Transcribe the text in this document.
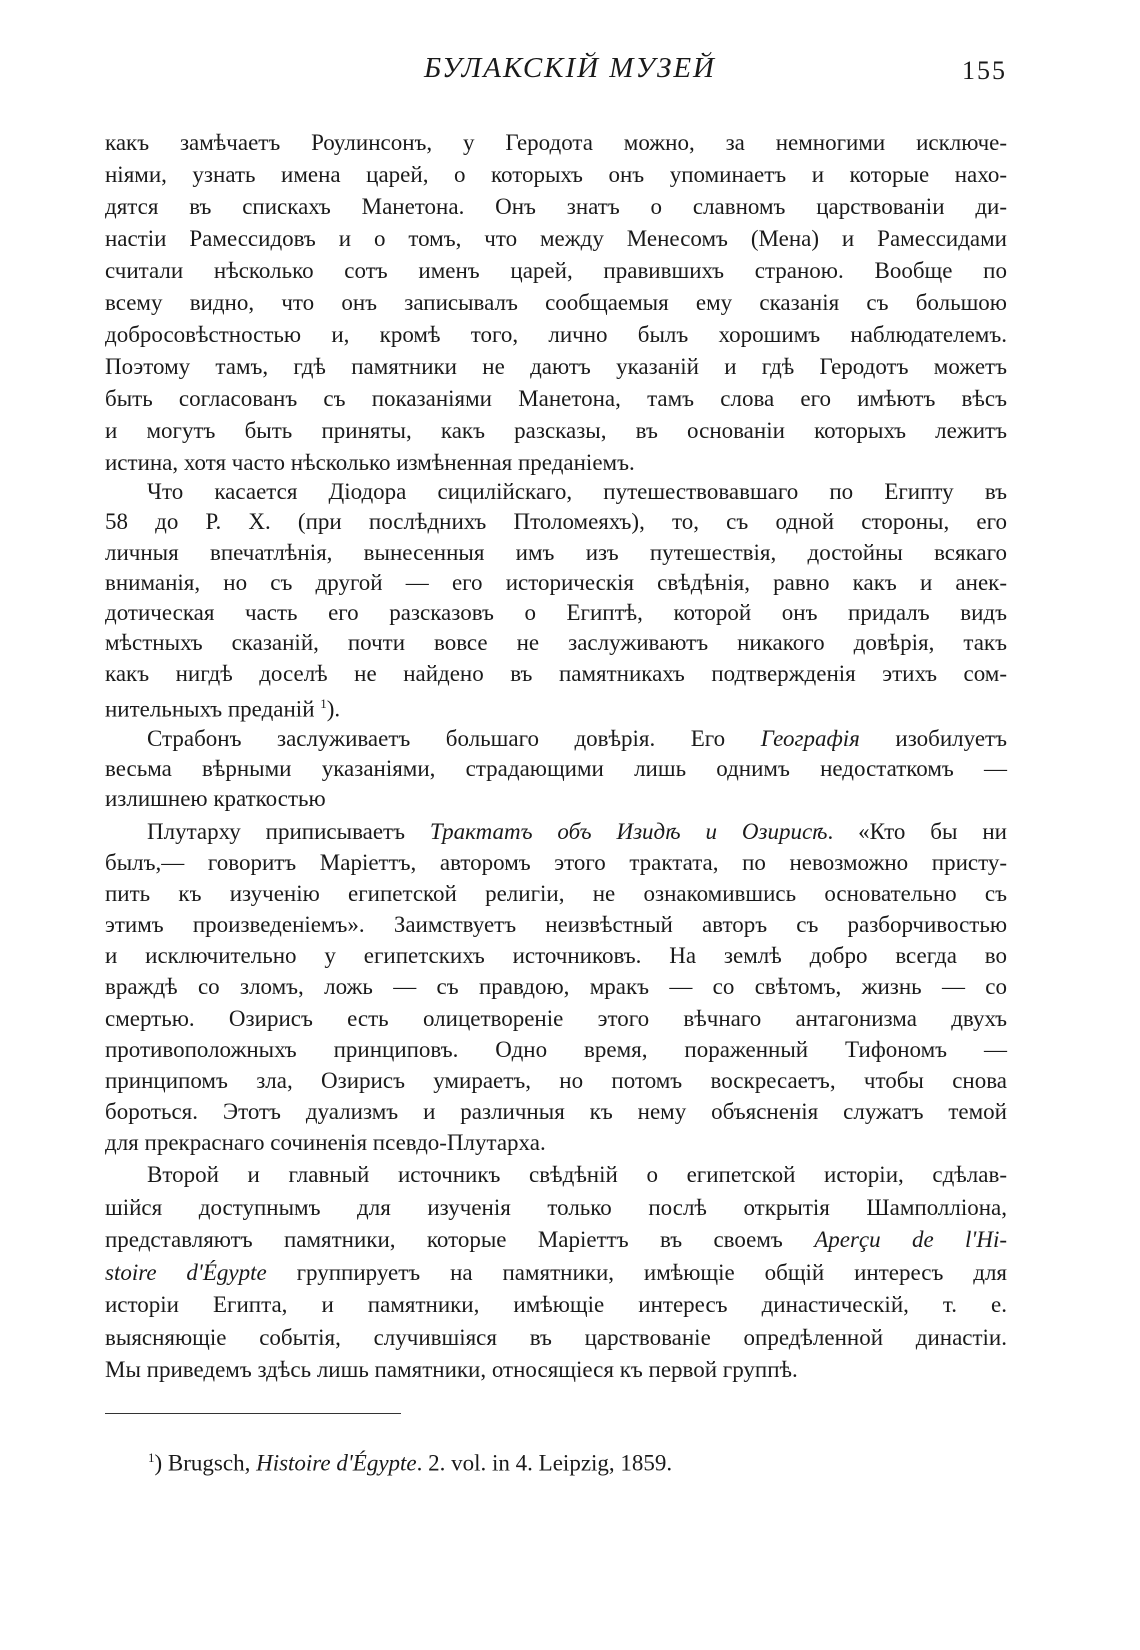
БУЛАКСКІЙ МУЗЕЙ	155
какъ замѣчаетъ Роулинсонъ, у Геродота можно, за немногими исключе-
ніями, узнать имена царей, о которыхъ онъ упоминаетъ и которые нахо-
дятся въ спискахъ Манетона. Онъ знатъ о славномъ царствованіи ди-
настіи Рамессидовъ и о томъ, что между Менесомъ (Мена) и Рамессидами
считали нѣсколько сотъ именъ царей, правившихъ страною. Вообще по
всему видно, что онъ записывалъ сообщаемыя ему сказанія съ большою
добросовѣстностью и, кромѣ того, лично былъ хорошимъ наблюдателемъ.
Поэтому тамъ, гдѣ памятники не даютъ указаній и гдѣ Геродотъ можетъ
быть согласованъ съ показаніями Манетона, тамъ слова его имѣютъ вѣсъ
и могутъ быть приняты, какъ разсказы, въ основаніи которыхъ лежитъ
истина, хотя часто нѣсколько измѣненная преданіемъ.
Что касается Діодора сицилійскаго, путешествовавшаго по Египту въ
58 до Р. Х. (при послѣднихъ Птоломеяхъ), то, съ одной стороны, его
личныя впечатлѣнія, вынесенныя имъ изъ путешествія, достойны всякаго
вниманія, но съ другой — его историческія свѣдѣнія, равно какъ и анек-
дотическая часть его разсказовъ о Египтѣ, которой онъ придалъ видъ
мѣстныхъ сказаній, почти вовсе не заслуживаютъ никакого довѣрія, такъ
какъ нигдѣ доселѣ не найдено въ памятникахъ подтвержденія этихъ сом-
нительныхъ преданій $^1$).
Страбонъ заслуживаетъ большаго довѣрія. Его Географія изобилуетъ
весьма вѣрными указаніями, страдающими лишь однимъ недостаткомъ —
излишнею краткостью
Плутарху приписываетъ Трактатъ объ Изидѣ и Озирисѣ. «Кто бы ни
былъ,— говоритъ Маріеттъ, авторомъ этого трактата, по невозможно присту-
пить къ изученію египетской религіи, не ознакомившись основательно съ
этимъ произведеніемъ». Заимствуетъ неизвѣстный авторъ съ разборчивостью
и исключительно у египетскихъ источниковъ. На землѣ добро всегда во
враждѣ со зломъ, ложь — съ правдою, мракъ — со свѣтомъ, жизнь — со
смертью. Озирисъ есть олицетвореніе этого вѣчнаго антагонизма двухъ
противоположныхъ принциповъ. Одно время, пораженный Тифономъ —
принципомъ зла, Озирисъ умираетъ, но потомъ воскресаетъ, чтобы снова
бороться. Этотъ дуализмъ и различныя къ нему объясненія служатъ темой
для прекраснаго сочиненія псевдо-Плутарха.
Второй и главный источникъ свѣдѣній о египетской исторіи, сдѣлав-
шійся доступнымъ для изученія только послѣ открытія Шамполліона,
представляютъ памятники, которые Маріеттъ въ своемъ Aperçu de l'Hi-
stoire d'Égypte группируетъ на памятники, имѣющіе общій интересъ для
исторіи Египта, и памятники, имѣющіе интересъ династическій, т. е.
выясняющіе событія, случившіяся въ царствованіе опредѣленной династіи.
Мы приведемъ здѣсь лишь памятники, относящіеся къ первой группѣ.
$^1$) Brugsch, Histoire d'Égypte. 2. vol. in 4. Leipzig, 1859.
